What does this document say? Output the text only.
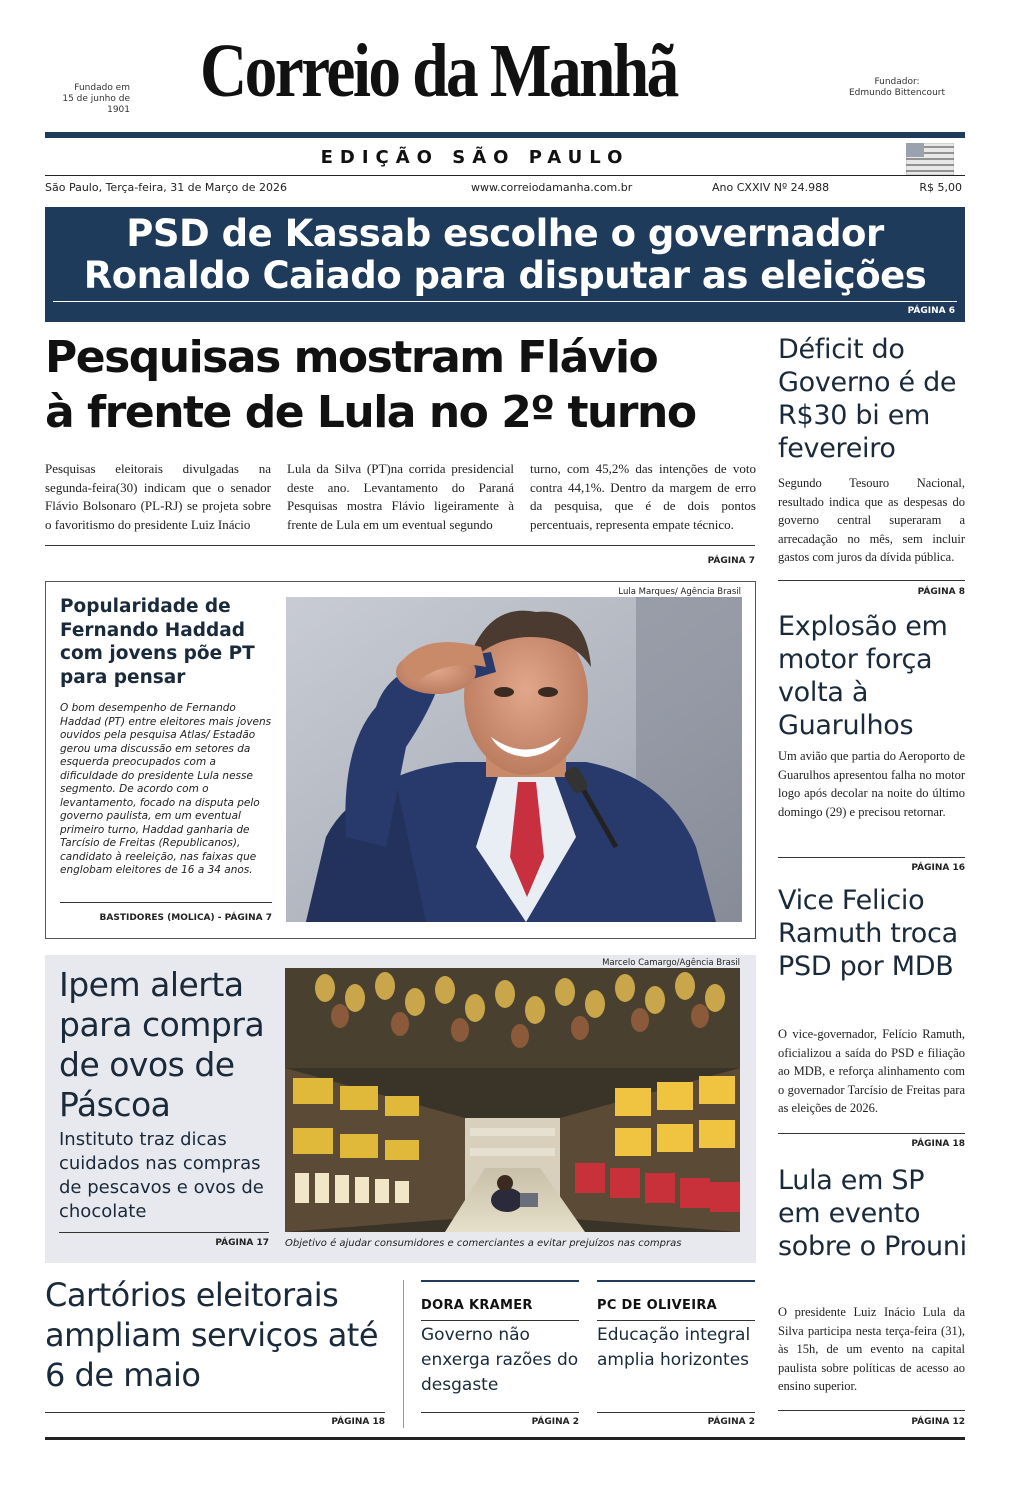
Fundado em
15 de junho de 1901 Correio da Manhã	Fundador:
Edmundo Bittencourt
EDIÇÃO SÃO PAULO
São Paulo, Terça-feira, 31 de Março de 2026	www.correiodamanha.com.br	Ano CXXIV Nº 24.988	R$ 5,00
PSD de Kassab escolhe o governador
Ronaldo Caiado para disputar as eleições
PÁGINA 6
Pesquisas mostram Flávio
à frente de Lula no 2º turno
Pesquisas eleitorais divulgadas na segunda-feira(30) indicam que o senador Flávio Bolsonaro (PL-RJ) se projeta sobre o favoritismo do presidente Luiz Inácio
Lula da Silva (PT)na corrida presidencial deste ano. Levantamento do Paraná Pesquisas mostra Flávio ligeiramente à frente de Lula em um eventual segundo
turno, com 45,2% das intenções de voto contra 44,1%. Dentro da margem de erro da pesquisa, que é de dois pontos percentuais, representa empate técnico.
PÁGINA 7
Popularidade de Fernando Haddad com jovens põe PT para pensar
O bom desempenho de Fernando Haddad (PT) entre eleitores mais jovens ouvidos pela pesquisa Atlas/ Estadão gerou uma discussão em setores da esquerda preocupados com a dificuldade do presidente Lula nesse segmento. De acordo com o levantamento, focado na disputa pelo governo paulista, em um eventual primeiro turno, Haddad ganharia de Tarcísio de Freitas (Republicanos), candidato à reeleição, nas faixas que englobam eleitores de 16 a 34 anos.
BASTIDORES (MOLICA) - PÁGINA 7
Lula Marques/ Agência Brasil
Ipem alerta para compra de ovos de Páscoa
Instituto traz dicas cuidados nas compras de pescavos e ovos de chocolate
PÁGINA 17
Marcelo Camargo/Agência Brasil
Objetivo é ajudar consumidores e comerciantes a evitar prejuízos nas compras
Cartórios eleitorais ampliam serviços até 6 de maio
PÁGINA 18
DORA KRAMER
Governo não enxerga razões do desgaste
PÁGINA 2
PC DE OLIVEIRA
Educação integral amplia horizontes
PÁGINA 2
Déficit do Governo é de R$30 bi em fevereiro
Segundo Tesouro Nacional, resultado indica que as despesas do governo central superaram a arrecadação no mês, sem incluir gastos com juros da dívida pública.
PÁGINA 8
Explosão em motor força volta à Guarulhos
Um avião que partia do Aeroporto de Guarulhos apresentou falha no motor logo após decolar na noite do último domingo (29) e precisou retornar.
PÁGINA 16
Vice Felicio Ramuth troca PSD por MDB
O vice-governador, Felício Ramuth, oficializou a saída do PSD e filiação ao MDB, e reforça alinhamento com o governador Tarcísio de Freitas para as eleições de 2026.
PÁGINA 18
Lula em SP em evento sobre o Prouni
O presidente Luiz Inácio Lula da Silva participa nesta terça-feira (31), às 15h, de um evento na capital paulista sobre políticas de acesso ao ensino superior.
PÁGINA 12
